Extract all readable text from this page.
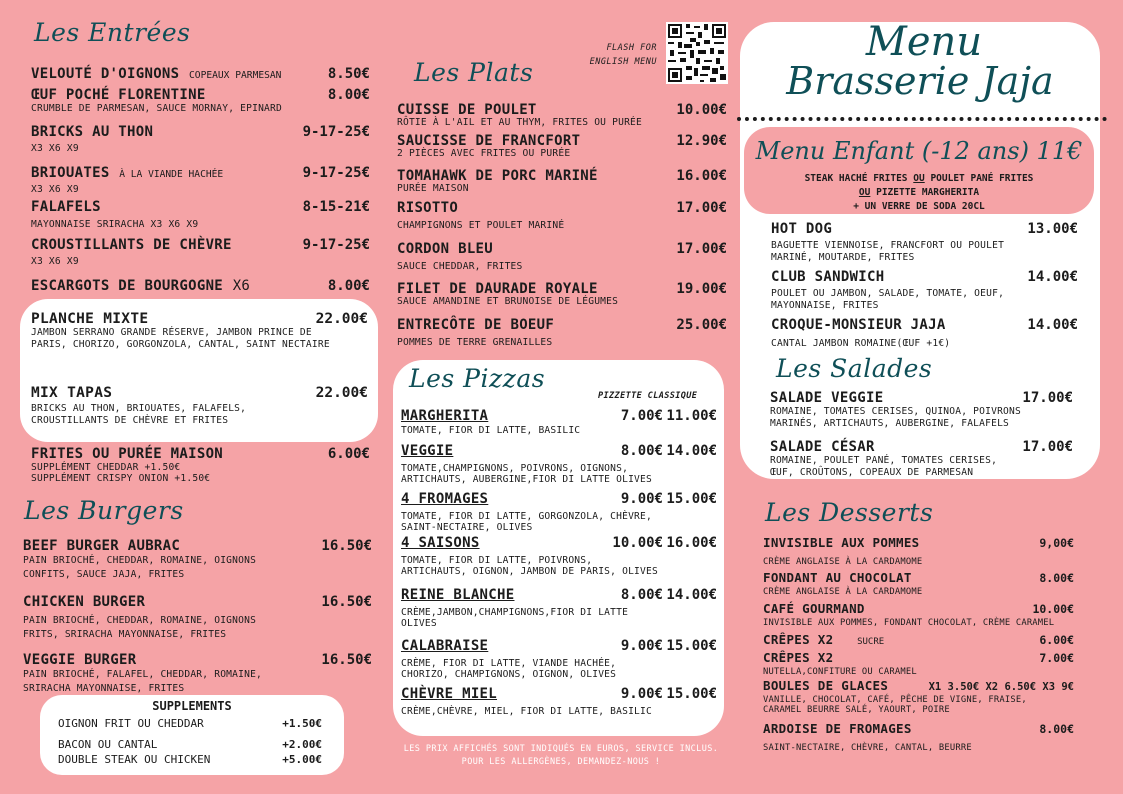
Les Entrées
VELOUTÉ D'OIGNONS COPEAUX PARMESAN	8.50€
ŒUF POCHÉ FLORENTINE	8.00€
CRUMBLE DE PARMESAN, SAUCE MORNAY, EPINARD
BRICKS AU THON	9-17-25€
X3 X6 X9
BRIOUATES À LA VIANDE HACHÉE	9-17-25€
X3 X6 X9
FALAFELS	8-15-21€
MAYONNAISE SRIRACHA X3 X6 X9
CROUSTILLANTS DE CHÈVRE	9-17-25€
X3 X6 X9
ESCARGOTS DE BOURGOGNE X6	8.00€
PLANCHE MIXTE	22.00€
JAMBON SERRANO GRANDE RÉSERVE, JAMBON PRINCE DE PARIS, CHORIZO, GORGONZOLA, CANTAL, SAINT NECTAIRE
MIX TAPAS	22.00€
BRICKS AU THON, BRIOUATES, FALAFELS, CROUSTILLANTS DE CHÈVRE ET FRITES
FRITES OU PURÉE MAISON	6.00€
SUPPLÉMENT CHEDDAR +1.50€
SUPPLÉMENT CRISPY ONION +1.50€
Les Burgers
BEEF BURGER AUBRAC	16.50€
PAIN BRIOCHÉ, CHEDDAR, ROMAINE, OIGNONS CONFITS, SAUCE JAJA, FRITES
CHICKEN BURGER	16.50€
PAIN BRIOCHÉ, CHEDDAR, ROMAINE, OIGNONS FRITS, SRIRACHA MAYONNAISE, FRITES
VEGGIE BURGER	16.50€
PAIN BRIOCHÉ, FALAFEL, CHEDDAR, ROMAINE, SRIRACHA MAYONNAISE, FRITES
SUPPLEMENTS
OIGNON FRIT OU CHEDDAR	+1.50€
BACON OU CANTAL	+2.00€
DOUBLE STEAK OU CHICKEN	+5.00€
FLASH FOR
ENGLISH MENU
Les Plats
CUISSE DE POULET	10.00€
RÔTIE À L'AIL ET AU THYM, FRITES OU PURÉE
SAUCISSE DE FRANCFORT	12.90€
2 PIÈCES AVEC FRITES OU PURÉE
TOMAHAWK DE PORC MARINÉ	16.00€
PURÉE MAISON
RISOTTO	17.00€
CHAMPIGNONS ET POULET MARINÉ
CORDON BLEU	17.00€
SAUCE CHEDDAR, FRITES
FILET DE DAURADE ROYALE	19.00€
SAUCE AMANDINE ET BRUNOISE DE LÉGUMES
ENTRECÔTE DE BOEUF	25.00€
POMMES DE TERRE GRENAILLES
Les Pizzas
PIZZETTE CLASSIQUE
MARGHERITA	7.00€ 11.00€
TOMATE, FIOR DI LATTE, BASILIC
VEGGIE	8.00€ 14.00€
TOMATE,CHAMPIGNONS, POIVRONS, OIGNONS, ARTICHAUTS, AUBERGINE,FIOR DI LATTE OLIVES
4 FROMAGES	9.00€ 15.00€
TOMATE, FIOR DI LATTE, GORGONZOLA, CHÈVRE, SAINT-NECTAIRE, OLIVES
4 SAISONS	10.00€ 16.00€
TOMATE, FIOR DI LATTE, POIVRONS, ARTICHAUTS, OIGNON, JAMBON DE PARIS, OLIVES
REINE BLANCHE	8.00€ 14.00€
CRÈME,JAMBON,CHAMPIGNONS,FIOR DI LATTE OLIVES
CALABRAISE	9.00€ 15.00€
CRÈME, FIOR DI LATTE, VIANDE HACHÉE, CHORIZO, CHAMPIGNONS, OIGNON, OLIVES
CHÈVRE MIEL	9.00€ 15.00€
CRÈME,CHÈVRE, MIEL, FIOR DI LATTE, BASILIC
LES PRIX AFFICHÉS SONT INDIQUÉS EN EUROS, SERVICE INCLUS.
POUR LES ALLERGÈNES, DEMANDEZ-NOUS !
Menu
Brasserie Jaja
Menu Enfant (-12 ans) 11€
STEAK HACHÉ FRITES OU POULET PANÉ FRITES
OU PIZETTE MARGHERITA
+ UN VERRE DE SODA 20CL
HOT DOG	13.00€
BAGUETTE VIENNOISE, FRANCFORT OU POULET MARINÉ, MOUTARDE, FRITES
CLUB SANDWICH	14.00€
POULET OU JAMBON, SALADE, TOMATE, OEUF, MAYONNAISE, FRITES
CROQUE-MONSIEUR JAJA	14.00€
CANTAL JAMBON ROMAINE(ŒUF +1€)
Les Salades
SALADE VEGGIE	17.00€
ROMAINE, TOMATES CERISES, QUINOA, POIVRONS MARINÉS, ARTICHAUTS, AUBERGINE, FALAFELS
SALADE CÉSAR	17.00€
ROMAINE, POULET PANÉ, TOMATES CERISES, ŒUF, CROÛTONS, COPEAUX DE PARMESAN
Les Desserts
INVISIBLE AUX POMMES	9,00€
CRÈME ANGLAISE À LA CARDAMOME
FONDANT AU CHOCOLAT	8.00€
CRÈME ANGLAISE À LA CARDAMOME
CAFÉ GOURMAND	10.00€
INVISIBLE AUX POMMES, FONDANT CHOCOLAT, CRÈME CARAMEL
CRÊPES X2	SUCRE	6.00€
CRÊPES X2	7.00€
NUTELLA,CONFITURE OU CARAMEL
BOULES DE GLACES	X1 3.50€ X2 6.50€ X3 9€
VANILLE, CHOCOLAT, CAFÉ, PÊCHE DE VIGNE, FRAISE, CARAMEL BEURRE SALÉ, YAOURT, POIRE
ARDOISE DE FROMAGES	8.00€
SAINT-NECTAIRE, CHÈVRE, CANTAL, BEURRE
